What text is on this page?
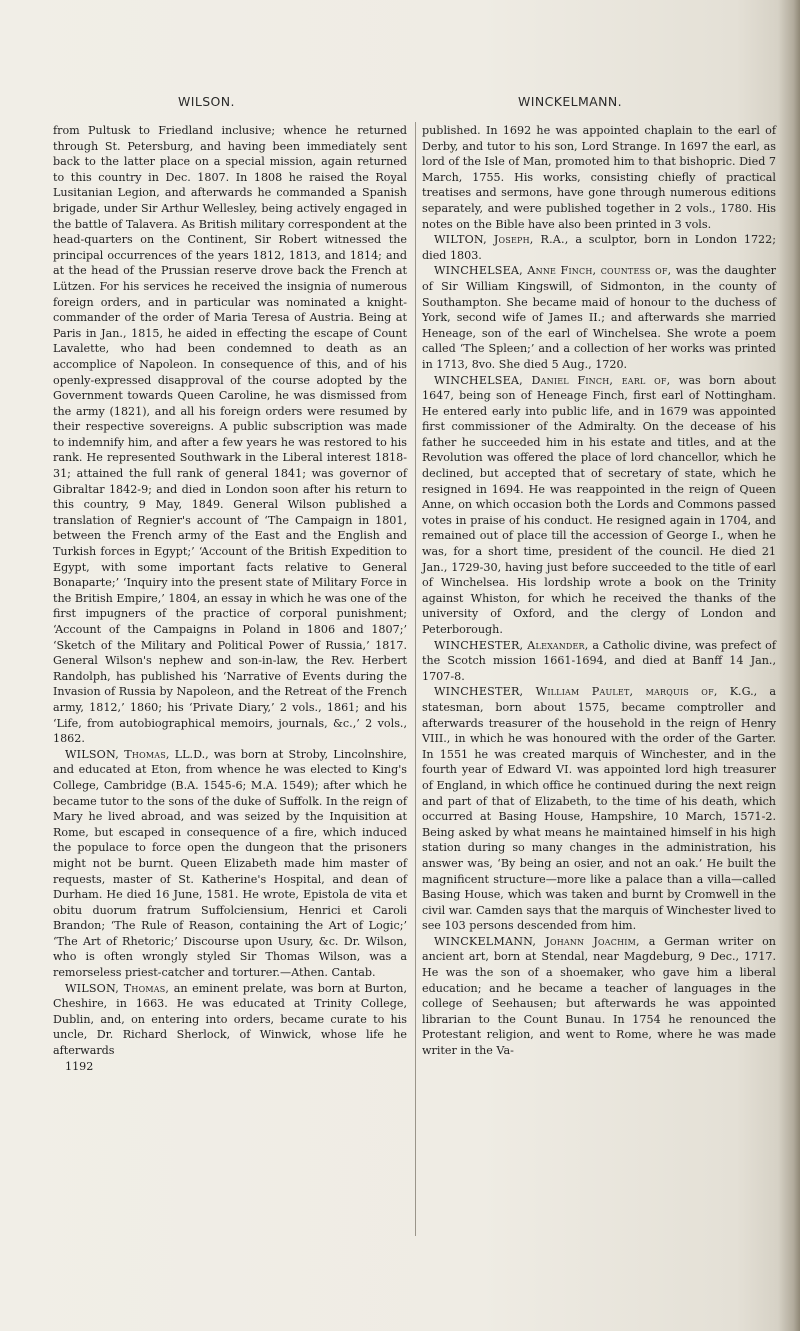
WILSON.	WINCKELMANN.

from Pultusk to Friedland inclusive; whence he returned through St. Petersburg, and having been immediately sent back to the latter place on a special mission, again returned to this country in Dec. 1807. In 1808 he raised the Royal Lusitanian Legion, and afterwards he commanded a Spanish brigade, under Sir Arthur Wellesley, being actively engaged in the battle of Talavera. As British military correspondent at the head-quarters on the Continent, Sir Robert witnessed the principal occurrences of the years 1812, 1813, and 1814; and at the head of the Prussian reserve drove back the French at Lützen. For his services he received the insignia of numerous foreign orders, and in particular was nominated a knight-commander of the order of Maria Teresa of Austria. Being at Paris in Jan., 1815, he aided in effecting the escape of Count Lavalette, who had been condemned to death as an accomplice of Napoleon. In consequence of this, and of his openly-expressed disapproval of the course adopted by the Government towards Queen Caroline, he was dismissed from the army (1821), and all his foreign orders were resumed by their respective sovereigns. A public subscription was made to indemnify him, and after a few years he was restored to his rank. He represented Southwark in the Liberal interest 1818-31; attained the full rank of general 1841; was governor of Gibraltar 1842-9; and died in London soon after his return to this country, 9 May, 1849. General Wilson published a translation of Regnier's account of ‘The Campaign in 1801, between the French army of the East and the English and Turkish forces in Egypt;’ ‘Account of the British Expedition to Egypt, with some important facts relative to General Bonaparte;’ ‘Inquiry into the present state of Military Force in the British Empire,’ 1804, an essay in which he was one of the first impugners of the practice of corporal punishment; ‘Account of the Campaigns in Poland in 1806 and 1807;’ ‘Sketch of the Military and Political Power of Russia,’ 1817. General Wilson's nephew and son-in-law, the Rev. Herbert Randolph, has published his ‘Narrative of Events during the Invasion of Russia by Napoleon, and the Retreat of the French army, 1812,’ 1860; his ‘Private Diary,’ 2 vols., 1861; and his ‘Life, from autobiographical memoirs, journals, &c.,’ 2 vols., 1862.

WILSON, Thomas, LL.D., was born at Stroby, Lincolnshire, and educated at Eton, from whence he was elected to King's College, Cambridge (B.A. 1545-6; M.A. 1549); after which he became tutor to the sons of the duke of Suffolk. In the reign of Mary he lived abroad, and was seized by the Inquisition at Rome, but escaped in consequence of a fire, which induced the populace to force open the dungeon that the prisoners might not be burnt. Queen Elizabeth made him master of requests, master of St. Katherine's Hospital, and dean of Durham. He died 16 June, 1581. He wrote, Epistola de vita et obitu duorum fratrum Suffolciensium, Henrici et Caroli Brandon; ‘The Rule of Reason, containing the Art of Logic;’ ‘The Art of Rhetoric;’ Discourse upon Usury, &c. Dr. Wilson, who is often wrongly styled Sir Thomas Wilson, was a remorseless priest-catcher and torturer.—Athen. Cantab.

WILSON, Thomas, an eminent prelate, was born at Burton, Cheshire, in 1663. He was educated at Trinity College, Dublin, and, on entering into orders, became curate to his uncle, Dr. Richard Sherlock, of Winwick, whose life he afterwards

1192

published. In 1692 he was appointed chaplain to the earl of Derby, and tutor to his son, Lord Strange. In 1697 the earl, as lord of the Isle of Man, promoted him to that bishopric. Died 7 March, 1755. His works, consisting chiefly of practical treatises and sermons, have gone through numerous editions separately, and were published together in 2 vols., 1780. His notes on the Bible have also been printed in 3 vols.

WILTON, Joseph, R.A., a sculptor, born in London 1722; died 1803.

WINCHELSEA, Anne Finch, countess of, was the daughter of Sir William Kingswill, of Sidmonton, in the county of Southampton. She became maid of honour to the duchess of York, second wife of James II.; and afterwards she married Heneage, son of the earl of Winchelsea. She wrote a poem called ‘The Spleen;’ and a collection of her works was printed in 1713, 8vo. She died 5 Aug., 1720.

WINCHELSEA, Daniel Finch, earl of, was born about 1647, being son of Heneage Finch, first earl of Nottingham. He entered early into public life, and in 1679 was appointed first commissioner of the Admiralty. On the decease of his father he succeeded him in his estate and titles, and at the Revolution was offered the place of lord chancellor, which he declined, but accepted that of secretary of state, which he resigned in 1694. He was reappointed in the reign of Queen Anne, on which occasion both the Lords and Commons passed votes in praise of his conduct. He resigned again in 1704, and remained out of place till the accession of George I., when he was, for a short time, president of the council. He died 21 Jan., 1729-30, having just before succeeded to the title of earl of Winchelsea. His lordship wrote a book on the Trinity against Whiston, for which he received the thanks of the university of Oxford, and the clergy of London and Peterborough.

WINCHESTER, Alexander, a Catholic divine, was prefect of the Scotch mission 1661-1694, and died at Banff 14 Jan., 1707-8.

WINCHESTER, William Paulet, marquis of, K.G., a statesman, born about 1575, became comptroller and afterwards treasurer of the household in the reign of Henry VIII., in which he was honoured with the order of the Garter. In 1551 he was created marquis of Winchester, and in the fourth year of Edward VI. was appointed lord high treasurer of England, in which office he continued during the next reign and part of that of Elizabeth, to the time of his death, which occurred at Basing House, Hampshire, 10 March, 1571-2. Being asked by what means he maintained himself in his high station during so many changes in the administration, his answer was, ‘By being an osier, and not an oak.’ He built the magnificent structure—more like a palace than a villa—called Basing House, which was taken and burnt by Cromwell in the civil war. Camden says that the marquis of Winchester lived to see 103 persons descended from him.

WINCKELMANN, Johann Joachim, a German writer on ancient art, born at Stendal, near Magdeburg, 9 Dec., 1717. He was the son of a shoemaker, who gave him a liberal education; and he became a teacher of languages in the college of Seehausen; but afterwards he was appointed librarian to the Count Bunau. In 1754 he renounced the Protestant religion, and went to Rome, where he was made writer in the Va-
